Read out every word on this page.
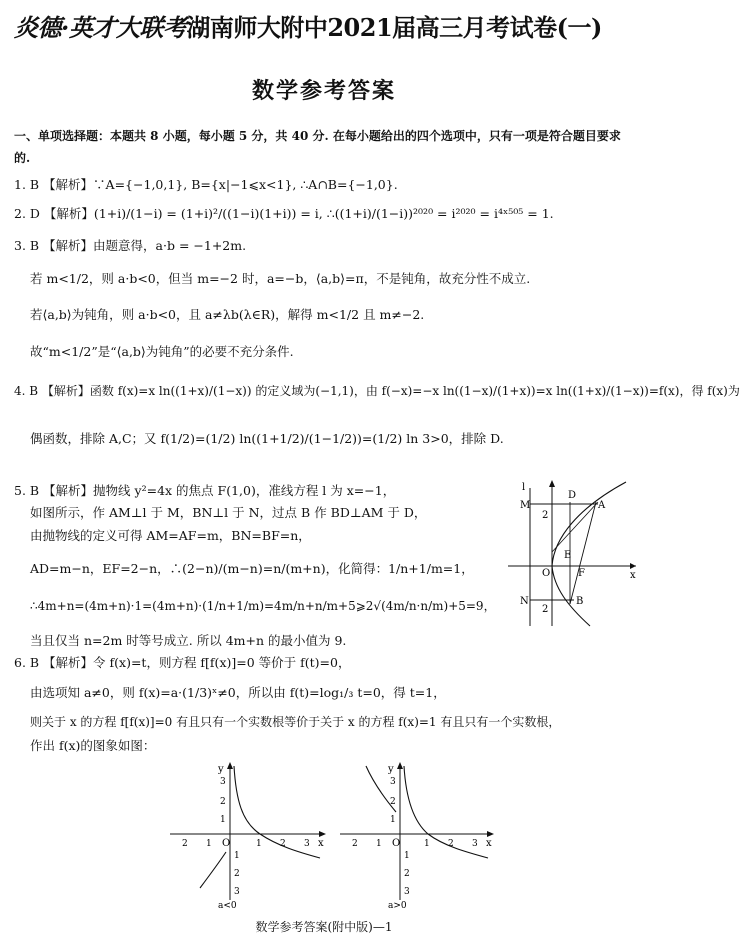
炎德·英才大联考湖南师大附中2021届高三月考试卷(一)
数学参考答案
一、单项选择题：本题共 8 小题，每小题 5 分，共 40 分. 在每小题给出的四个选项中，只有一项是符合题目要求
的.
1. B 【解析】∵A={−1,0,1}, B={x|−1⩽x<1}, ∴A∩B={−1,0}.
2. D 【解析】(1+i)/(1−i) = (1+i)²/((1−i)(1+i)) = i, ∴((1+i)/(1−i))²⁰²⁰ = i²⁰²⁰ = i⁴ˣ⁵⁰⁵ = 1.
3. B 【解析】由题意得，a·b = −1+2m.
若 m<1/2，则 a·b<0，但当 m=−2 时，a=−b，⟨a,b⟩=π，不是钝角，故充分性不成立.
若⟨a,b⟩为钝角，则 a·b<0，且 a≠λb(λ∈R)，解得 m<1/2 且 m≠−2.
故“m<1/2”是“⟨a,b⟩为钝角”的必要不充分条件.
4. B 【解析】函数 f(x)=x ln((1+x)/(1−x)) 的定义域为(−1,1)，由 f(−x)=−x ln((1−x)/(1+x))=x ln((1+x)/(1−x))=f(x)，得 f(x)为
偶函数，排除 A,C；又 f(1/2)=(1/2) ln((1+1/2)/(1−1/2))=(1/2) ln 3>0，排除 D.
5. B 【解析】抛物线 y²=4x 的焦点 F(1,0)，准线方程 l 为 x=−1，
如图所示，作 AM⊥l 于 M，BN⊥l 于 N，过点 B 作 BD⊥AM 于 D，
由抛物线的定义可得 AM=AF=m，BN=BF=n，
AD=m−n，EF=2−n，∴(2−n)/(m−n)=n/(m+n)，化简得：1/n+1/m=1，
∴4m+n=(4m+n)·1=(4m+n)·(1/n+1/m)=4m/n+n/m+5⩾2√(4m/n·n/m)+5=9，
当且仅当 n=2m 时等号成立. 所以 4m+n 的最小值为 9.
6. B 【解析】令 f(x)=t，则方程 f[f(x)]=0 等价于 f(t)=0，
由选项知 a≠0，则 f(x)=a·(1/3)ˣ≠0，所以由 f(t)=log₁/₃ t=0，得 t=1，
则关于 x 的方程 f[f(x)]=0 有且只有一个实数根等价于关于 x 的方程 f(x)=1 有且只有一个实数根，
作出 f(x)的图象如图：
l
M
D
A
E
O	F
N	B
x
2
2
y
x
O
2 1	1 2 3
3
2
1
1
2
3
a<0
y
x
O
2 1	1 2 3
3
2
1
1
2
3
a>0
数学参考答案(附中版)—1
